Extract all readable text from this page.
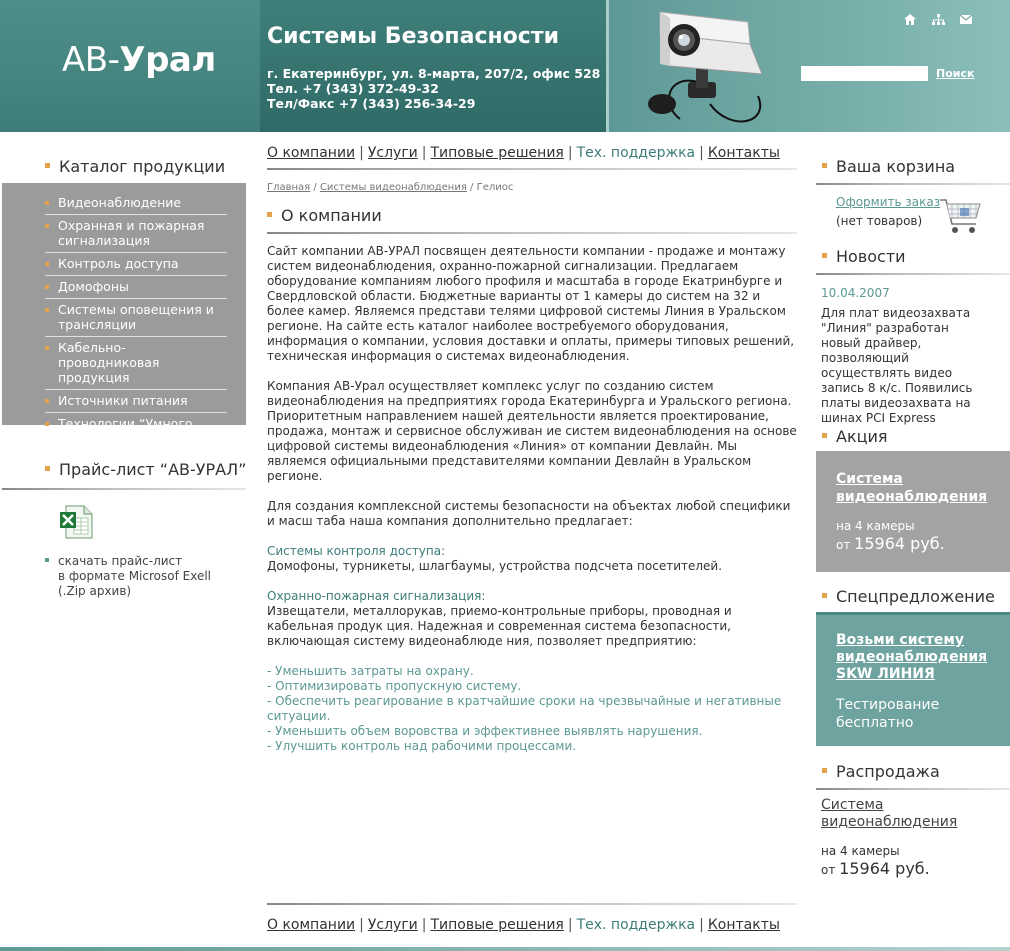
АВ-Урал
Системы Безопасности
г. Екатеринбург, ул. 8-марта, 207/2, офис 528
Тел. +7 (343) 372-49-32
Тел/Факс +7 (343) 256-34-29
Поиск
Каталог продукции
Видеонаблюдение
Охранная и пожарная сигнализация
Контроль доступа
Домофоны
Системы оповещения и трансляции
Кабельно-проводниковая продукция
Источники питания
Технологии “Умного дома”
Прайс-лист “АВ-УРАЛ”
скачать прайс-лист
в формате Microsof Exell
(.Zip архив)
О компании | Услуги | Типовые решения | Тех. поддержка | Контакты
Главная / Системы видеонаблюдения / Гелиос
О компании

Сайт компании АВ-УРАЛ посвящен деятельности компании - продаже и монтажу систем видеонаблюдения, охранно-пожарной сигнализации. Предлагаем оборудование компаниям любого профиля и масштаба в городе Екатринбурге и Свердловской области. Бюджетные варианты от 1 камеры до систем на 32 и более камер. Являемся представи телями цифровой системы Линия в Уральском регионе. На сайте есть каталог наиболее востребуемого оборудования, информация о компании, условия доставки и оплаты, примеры типовых решений, техническая информация о системах видеонаблюдения.

Компания АВ-Урал осуществляет комплекс услуг по созданию систем видеонаблюдения на предприятиях города Екатеринбурга и Уральского региона. Приоритетным направлением нашей деятельности является проектирование, продажа, монтаж и сервисное обслуживан ие систем видеонаблюдения на основе цифровой системы видеонаблюдения «Линия» от компании Девлайн. Мы являемся официальными представителями компании Девлайн в Уральском регионе.

Для создания комплексной системы безопасности на объектах любой специфики и масш таба наша компания дополнительно предлагает:

Системы контроля доступа:
Домофоны, турникеты, шлагбаумы, устройства подсчета посетителей.

Охранно-пожарная сигнализация:
Извещатели, металлорукав, приемо-контрольные приборы, проводная и кабельная продук ция. Надежная и современная система безопасности, включающая систему видеонаблюде ния, позволяет предприятию:

- Уменьшить затраты на охрану.
- Оптимизировать пропускную систему.
- Обеспечить реагирование в кратчайшие сроки на чрезвычайные и негативные ситуации.
- Уменьшить объем воровства и эффективнее выявлять нарушения.
- Улучшить контроль над рабочими процессами.
Ваша корзина
Оформить заказ
(нет товаров)
Новости
10.04.2007
Для плат видеозахвата "Линия" разработан новый драйвер, позволяющий осуществлять видео запись 8 к/с. Появились платы видеозахвата на шинах PCI Express
Акция
Система
видеонаблюдения
на 4 камеры
от 15964 руб.
Спецпредложение
Возьми систему
видеонаблюдения
SKW ЛИНИЯ
Тестирование
бесплатно
Распродажа
Система
видеонаблюдения
на 4 камеры
от 15964 руб.
О компании | Услуги | Типовые решения | Тех. поддержка | Контакты
